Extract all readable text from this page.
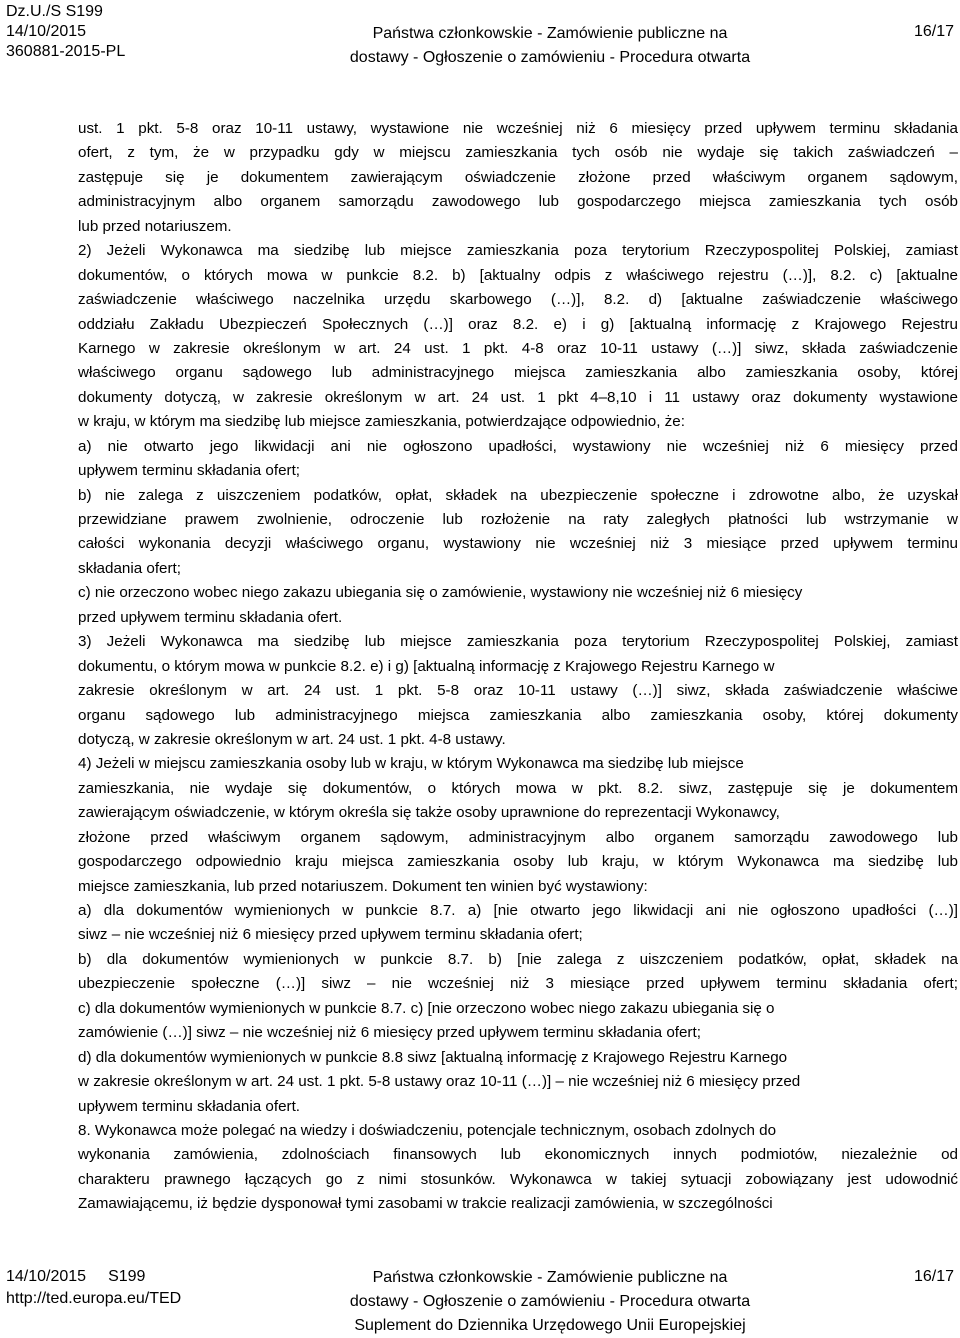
Dz.U./S S199
14/10/2015
360881-2015-PL
Państwa członkowskie - Zamówienie publiczne na
dostawy - Ogłoszenie o zamówieniu - Procedura otwarta
16/17
ust. 1 pkt. 5-8 oraz 10-11 ustawy, wystawione nie wcześniej niż 6 miesięcy przed upływem terminu składania
ofert, z tym, że w przypadku gdy w miejscu zamieszkania tych osób nie wydaje się takich zaświadczeń –
zastępuje się je dokumentem zawierającym oświadczenie złożone przed właściwym organem sądowym,
administracyjnym albo organem samorządu zawodowego lub gospodarczego miejsca zamieszkania tych osób
lub przed notariuszem.
2) Jeżeli Wykonawca ma siedzibę lub miejsce zamieszkania poza terytorium Rzeczypospolitej Polskiej, zamiast
dokumentów, o których mowa w punkcie 8.2. b) [aktualny odpis z właściwego rejestru (…)], 8.2. c) [aktualne
zaświadczenie właściwego naczelnika urzędu skarbowego (…)], 8.2. d) [aktualne zaświadczenie właściwego
oddziału Zakładu Ubezpieczeń Społecznych (…)] oraz 8.2. e) i g) [aktualną informację z Krajowego Rejestru
Karnego w zakresie określonym w art. 24 ust. 1 pkt. 4-8 oraz 10-11 ustawy (…)] siwz, składa zaświadczenie
właściwego organu sądowego lub administracyjnego miejsca zamieszkania albo zamieszkania osoby, której
dokumenty dotyczą, w zakresie określonym w art. 24 ust. 1 pkt 4–8,10 i 11 ustawy oraz dokumenty wystawione
w kraju, w którym ma siedzibę lub miejsce zamieszkania, potwierdzające odpowiednio, że:
a) nie otwarto jego likwidacji ani nie ogłoszono upadłości, wystawiony nie wcześniej niż 6 miesięcy przed
upływem terminu składania ofert;
b) nie zalega z uiszczeniem podatków, opłat, składek na ubezpieczenie społeczne i zdrowotne albo, że uzyskał
przewidziane prawem zwolnienie, odroczenie lub rozłożenie na raty zaległych płatności lub wstrzymanie w
całości wykonania decyzji właściwego organu, wystawiony nie wcześniej niż 3 miesiące przed upływem terminu
składania ofert;
c) nie orzeczono wobec niego zakazu ubiegania się o zamówienie, wystawiony nie wcześniej niż 6 miesięcy
przed upływem terminu składania ofert.
3) Jeżeli Wykonawca ma siedzibę lub miejsce zamieszkania poza terytorium Rzeczypospolitej Polskiej, zamiast
dokumentu, o którym mowa w punkcie 8.2. e) i g) [aktualną informację z Krajowego Rejestru Karnego w
zakresie określonym w art. 24 ust. 1 pkt. 5-8 oraz 10-11 ustawy (…)] siwz, składa zaświadczenie właściwe
organu sądowego lub administracyjnego miejsca zamieszkania albo zamieszkania osoby, której dokumenty
dotyczą, w zakresie określonym w art. 24 ust. 1 pkt. 4-8 ustawy.
4) Jeżeli w miejscu zamieszkania osoby lub w kraju, w którym Wykonawca ma siedzibę lub miejsce
zamieszkania, nie wydaje się dokumentów, o których mowa w pkt. 8.2. siwz, zastępuje się je dokumentem
zawierającym oświadczenie, w którym określa się także osoby uprawnione do reprezentacji Wykonawcy,
złożone przed właściwym organem sądowym, administracyjnym albo organem samorządu zawodowego lub
gospodarczego odpowiednio kraju miejsca zamieszkania osoby lub kraju, w którym Wykonawca ma siedzibę lub
miejsce zamieszkania, lub przed notariuszem. Dokument ten winien być wystawiony:
a) dla dokumentów wymienionych w punkcie 8.7. a) [nie otwarto jego likwidacji ani nie ogłoszono upadłości (…)]
siwz – nie wcześniej niż 6 miesięcy przed upływem terminu składania ofert;
b) dla dokumentów wymienionych w punkcie 8.7. b) [nie zalega z uiszczeniem podatków, opłat, składek na
ubezpieczenie społeczne (…)] siwz – nie wcześniej niż 3 miesiące przed upływem terminu składania ofert;
c) dla dokumentów wymienionych w punkcie 8.7. c) [nie orzeczono wobec niego zakazu ubiegania się o
zamówienie (…)] siwz – nie wcześniej niż 6 miesięcy przed upływem terminu składania ofert;
d) dla dokumentów wymienionych w punkcie 8.8 siwz [aktualną informację z Krajowego Rejestru Karnego
w zakresie określonym w art. 24 ust. 1 pkt. 5-8 ustawy oraz 10-11 (…)] – nie wcześniej niż 6 miesięcy przed
upływem terminu składania ofert.
8. Wykonawca może polegać na wiedzy i doświadczeniu, potencjale technicznym, osobach zdolnych do
wykonania zamówienia, zdolnościach finansowych lub ekonomicznych innych podmiotów, niezależnie od
charakteru prawnego łączących go z nimi stosunków. Wykonawca w takiej sytuacji zobowiązany jest udowodnić
Zamawiającemu, iż będzie dysponował tymi zasobami w trakcie realizacji zamówienia, w szczególności
14/10/2015 S199
http://ted.europa.eu/TED
Państwa członkowskie - Zamówienie publiczne na
dostawy - Ogłoszenie o zamówieniu - Procedura otwarta
Suplement do Dziennika Urzędowego Unii Europejskiej
16/17
